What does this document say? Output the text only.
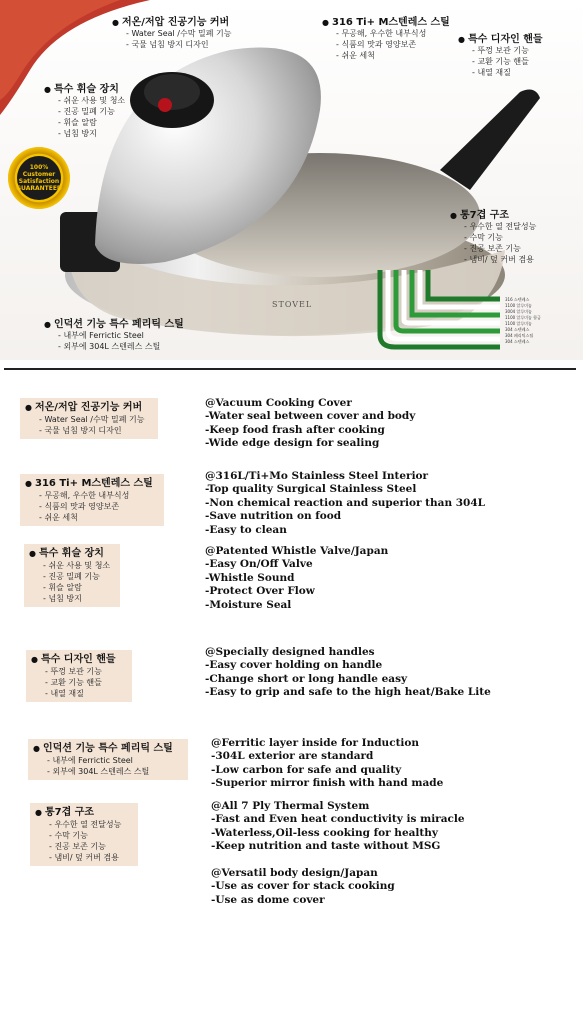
100%
Customer
Satisfaction
GUARANTEED
● 저온/저압 진공기능 커버
- Water Seal /수막 밀폐 기능
- 국물 넘침 방지 디자인
● 316 Ti+ M스텐레스 스틸
- 무공해, 우수한 내부식성
- 식품의 맛과 영양보존
- 쉬운 세척
● 특수 디자인 핸들
- 뚜껑 보관 기능
- 교환 기능 핸들
- 내열 재질
● 특수 휘슬 장치
- 쉬운 사용 및 청소
- 진공 밀폐 기능
- 휘슬 알람
- 넘침 방지
● 통7겹 구조
- 우수한 열 전달성능
- 수막 기능
- 진공 보존 기능
- 냄비/ 덮 커버 겸용
● 인덕션 기능 특수 페리틱 스틸
- 내부에 Ferrictic Steel
- 외부에 304L 스텐레스 스틸
STOVEL
316 스텐레스
1100 알루미늄
3004 알루미늄
1100 알루미늄 합금
1100 알루미늄
304 스텐레스
304 페리틱스틸
304 스텐레스
● 저온/저압 진공기능 커버
- Water Seal /수막 밀폐 기능
- 국물 넘침 방지 디자인
@Vacuum Cooking Cover
-Water seal between cover and body
-Keep food frash after cooking
-Wide edge design for sealing
● 316 Ti+ M스텐레스 스틸
- 무공해, 우수한 내부식성
- 식품의 맛과 영양보존
- 쉬운 세척
@316L/Ti+Mo Stainless Steel Interior
-Top quality Surgical Stainless Steel
-Non chemical reaction and superior than 304L
-Save nutrition on food
-Easy to clean
● 특수 휘슬 장치
- 쉬운 사용 및 청소
- 진공 밀폐 기능
- 휘슬 알람
- 넘침 방지
@Patented Whistle Valve/Japan
-Easy On/Off Valve
-Whistle Sound
-Protect Over Flow
-Moisture Seal
● 특수 디자인 핸들
- 뚜껑 보관 기능
- 교환 기능 핸들
- 내열 재질
@Specially designed handles
-Easy cover holding on handle
-Change short or long handle easy
-Easy to grip and safe to the high heat/Bake Lite
● 인덕션 기능 특수 페리틱 스틸
- 내부에 Ferrictic Steel
- 외부에 304L 스텐레스 스틸
@Ferritic layer inside for Induction
-304L exterior are standard
-Low carbon for safe and quality
-Superior mirror finish with hand made
● 통7겹 구조
- 우수한 열 전달성능
- 수막 기능
- 진공 보존 기능
- 냄비/ 덮 커버 겸용
@All 7 Ply Thermal System
-Fast and Even heat conductivity is miracle
-Waterless,Oil-less cooking for healthy
-Keep nutrition and taste without MSG
@Versatil body design/Japan
-Use as cover for stack cooking
-Use as dome cover
